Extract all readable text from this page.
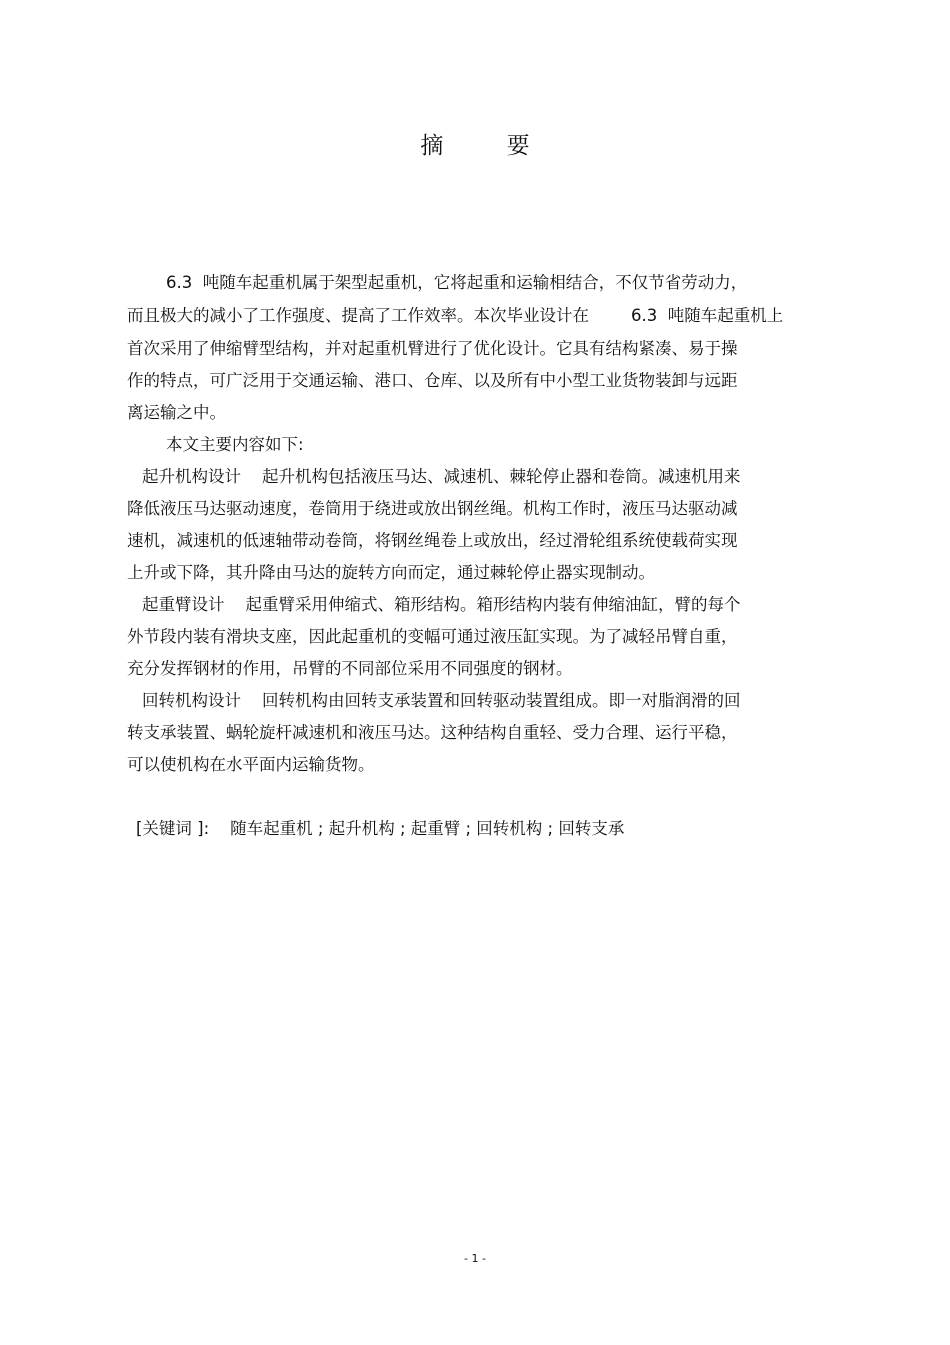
摘 要
6.3  吨随车起重机属于架型起重机，它将起重和运输相结合，不仅节省劳动力，
而且极大的减小了工作强度、提高了工作效率。本次毕业设计在        6.3  吨随车起重机上
首次采用了伸缩臂型结构，并对起重机臂进行了优化设计。它具有结构紧凑、易于操
作的特点，可广泛用于交通运输、港口、仓库、以及所有中小型工业货物装卸与远距
离运输之中。
本文主要内容如下:
起升机构设计    起升机构包括液压马达、减速机、棘轮停止器和卷筒。减速机用来
降低液压马达驱动速度，卷筒用于绕进或放出钢丝绳。机构工作时，液压马达驱动减
速机，减速机的低速轴带动卷筒，将钢丝绳卷上或放出，经过滑轮组系统使载荷实现
上升或下降，其升降由马达的旋转方向而定，通过棘轮停止器实现制动。
起重臂设计    起重臂采用伸缩式、箱形结构。箱形结构内装有伸缩油缸，臂的每个
外节段内装有滑块支座，因此起重机的变幅可通过液压缸实现。为了减轻吊臂自重，
充分发挥钢材的作用，吊臂的不同部位采用不同强度的钢材。
回转机构设计    回转机构由回转支承装置和回转驱动装置组成。即一对脂润滑的回
转支承装置、蜗轮旋杆减速机和液压马达。这种结构自重轻、受力合理、运行平稳，
可以使机构在水平面内运输货物。
[关键词 ]:    随车起重机 ; 起升机构 ; 起重臂 ; 回转机构 ; 回转支承
- 1 -
